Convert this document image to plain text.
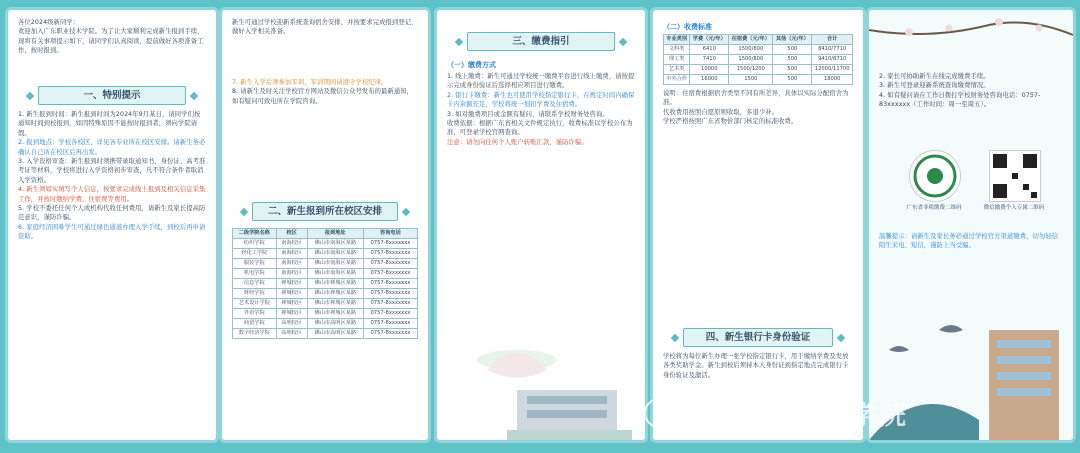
各位2024级新同学：
欢迎加入广东职业技术学院。为了让大家顺利完成新生报到手续，现将有关事项提示如下，请同学们认真阅读，提前做好各项准备工作，按时报到。

一、特别提示

1. 新生报到时间：新生报到时间为2024年9月某日，请同学们按通知时间到校报到，如因特殊原因不能按时报到者，须向学院请假。

2. 报到地点：学校各校区，详见各专业所在校区安排。请新生务必确认自己所在校区后再出发。

3. 入学资格审查：新生报到时须携带录取通知书、身份证、高考准考证等材料，学校将进行入学资格初步审查，凡不符合条件者取消入学资格。

4. 新生须如实填写个人信息，按要求完成线上报到及相关信息采集工作，并按时缴纳学费、住宿费等费用。

5. 学校不委托任何个人或机构代收任何费用，请新生及家长提高防范意识，谨防诈骗。

6. 家庭经济困难学生可通过绿色通道办理入学手续，到校后再申请资助。

新生可通过学校迎新系统查询宿舍安排，并按要求完成报到登记，做好入学相关准备。

7. 新生入学后须参加军训，军训期间请遵守学校纪律。

8. 请新生及时关注学校官方网站及微信公众号发布的最新通知，如有疑问可致电所在学院咨询。

二、新生报到所在校区安排
二级学院名称	校区	报到地址	咨询电话
纺织学院	南海校区	佛山市南海区某路	0757-8xxxxxxx
轻化工学院	南海校区	佛山市南海区某路	0757-8xxxxxxx
服装学院	南海校区	佛山市南海区某路	0757-8xxxxxxx
机电学院	南海校区	佛山市南海区某路	0757-8xxxxxxx
信息学院	禅城校区	佛山市禅城区某路	0757-8xxxxxxx
财经学院	禅城校区	佛山市禅城区某路	0757-8xxxxxxx
艺术设计学院	禅城校区	佛山市禅城区某路	0757-8xxxxxxx
外语学院	禅城校区	佛山市禅城区某路	0757-8xxxxxxx
商贸学院	高明校区	佛山市高明区某路	0757-8xxxxxxx
数字经济学院	高明校区	佛山市高明区某路	0757-8xxxxxxx
三、缴费指引

（一）缴费方式

1. 线上缴费：新生可通过学校统一缴费平台进行线上缴费，请按提示完成身份验证后选择相应项目进行缴费。

2. 银行卡缴费：新生也可使用学校指定银行卡，在规定时间内确保卡内余额充足，学校将统一划扣学费及住宿费。

3. 如对缴费项目或金额有疑问，请联系学校财务处咨询。

收费依据：根据广东省相关文件规定执行，收费标准以学校公布为准，可登录学校官网查询。

注意：请勿向任何个人账户转账汇款，谨防诈骗。

（二）收费标准

专业类别	学费（元/年）	住宿费（元/年）	其他（元/年）	合计
文科类	6410	1500/800	500	8410/7710
理工类	7410	1500/800	500	9410/8710
艺术类	10000	1500/1200	500	12000/11700
中外合作	16000	1500	500	18000

说明：住宿费根据宿舍类型不同有所差异，具体以实际分配宿舍为准。

代收费用按照自愿原则收取，多退少补。

学校严格按照广东省物价部门核定的标准收费。

四、新生银行卡身份验证

学校将为每位新生办理一张学校指定银行卡，用于缴纳学费及发放各类奖助学金。新生到校后须持本人身份证到指定地点完成银行卡身份验证及激活。

2. 家长可协助新生在线完成缴费手续。

3. 新生可登录迎新系统查询缴费情况。

4. 如有疑问请在工作日拨打学校财务处咨询电话：0757-83xxxxxx（工作时间：周一至周五）。

广东省非税缴费二维码	微信缴费个人专属二维码

温馨提示：请新生及家长务必通过学校官方渠道缴费，切勿轻信陌生来电、短信，谨防上当受骗。

广东职业技术学院
